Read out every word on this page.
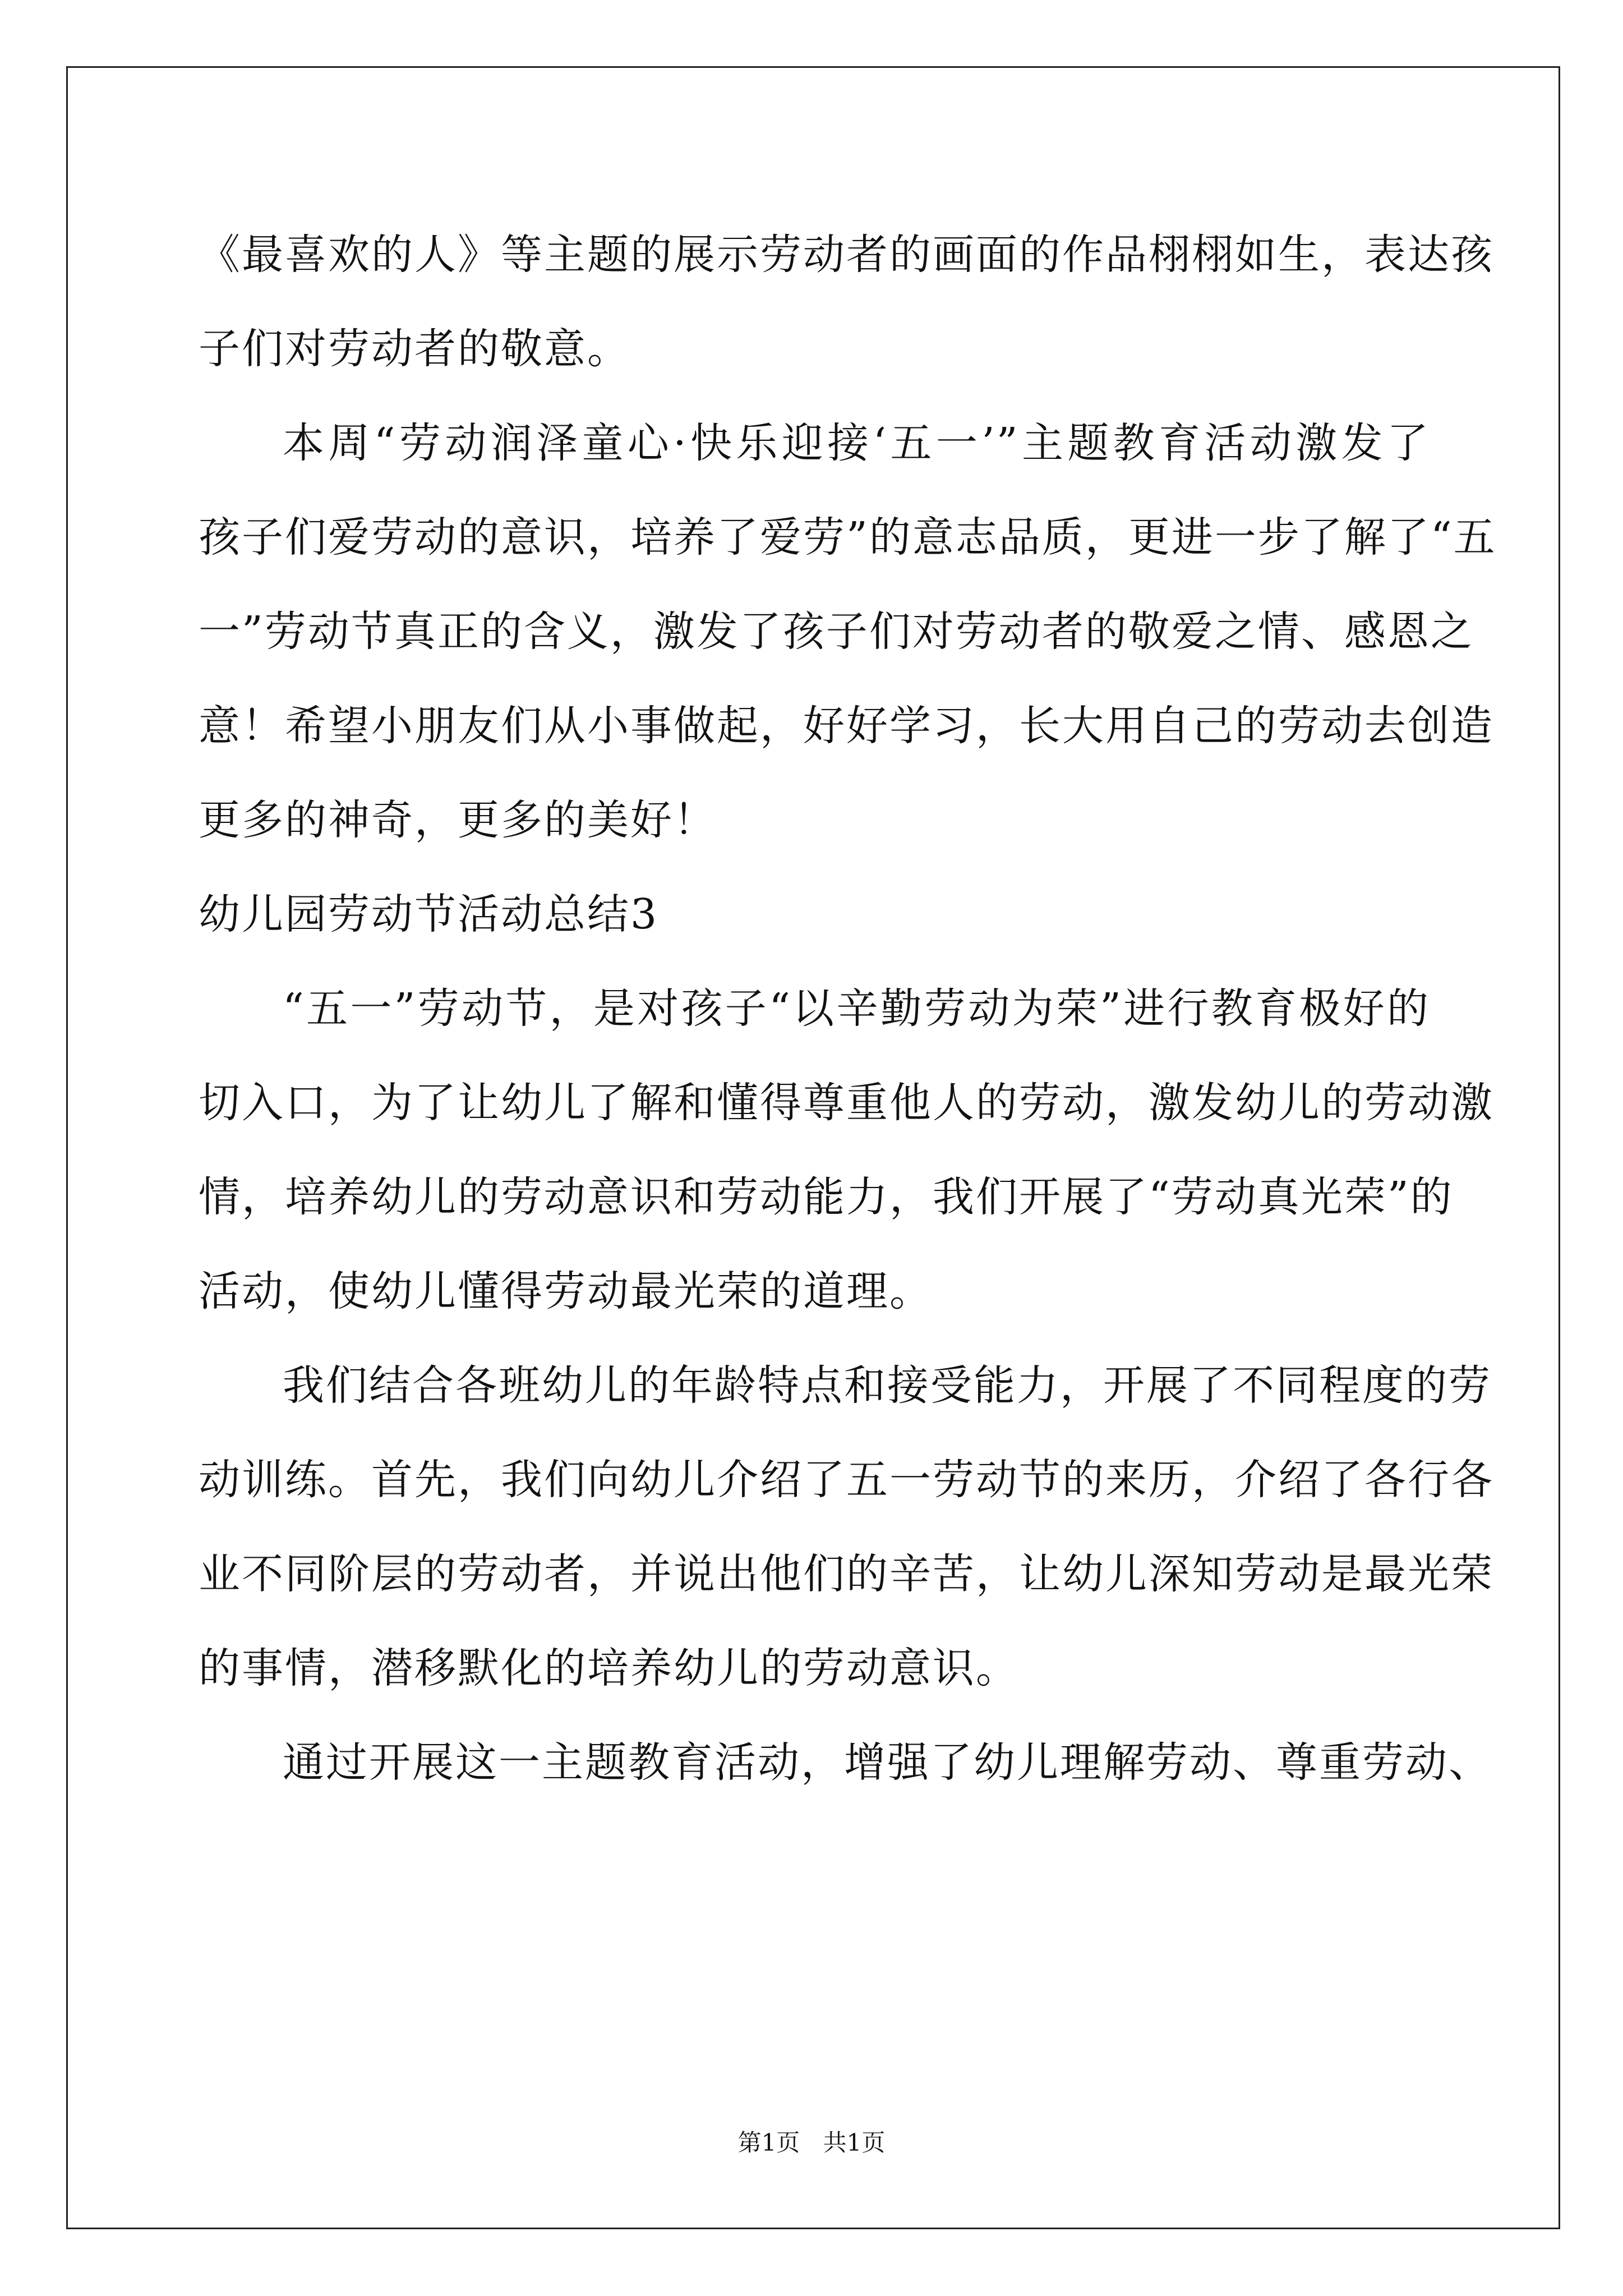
《最喜欢的人》等主题的展示劳动者的画面的作品栩栩如生，表达孩
子们对劳动者的敬意。
本周“劳动润泽童心·快乐迎接‘五一’”主题教育活动激发了
孩子们爱劳动的意识，培养了爱劳”的意志品质，更进一步了解了“五
一”劳动节真正的含义，激发了孩子们对劳动者的敬爱之情、感恩之
意！希望小朋友们从小事做起，好好学习，长大用自己的劳动去创造
更多的神奇，更多的美好！
幼儿园劳动节活动总结3
“五一”劳动节，是对孩子“以辛勤劳动为荣”进行教育极好的
切入口，为了让幼儿了解和懂得尊重他人的劳动，激发幼儿的劳动激
情，培养幼儿的劳动意识和劳动能力，我们开展了“劳动真光荣”的
活动，使幼儿懂得劳动最光荣的道理。
我们结合各班幼儿的年龄特点和接受能力，开展了不同程度的劳
动训练。首先，我们向幼儿介绍了五一劳动节的来历，介绍了各行各
业不同阶层的劳动者，并说出他们的辛苦，让幼儿深知劳动是最光荣
的事情，潜移默化的培养幼儿的劳动意识。
通过开展这一主题教育活动，增强了幼儿理解劳动、尊重劳动、
第1页 共1页
